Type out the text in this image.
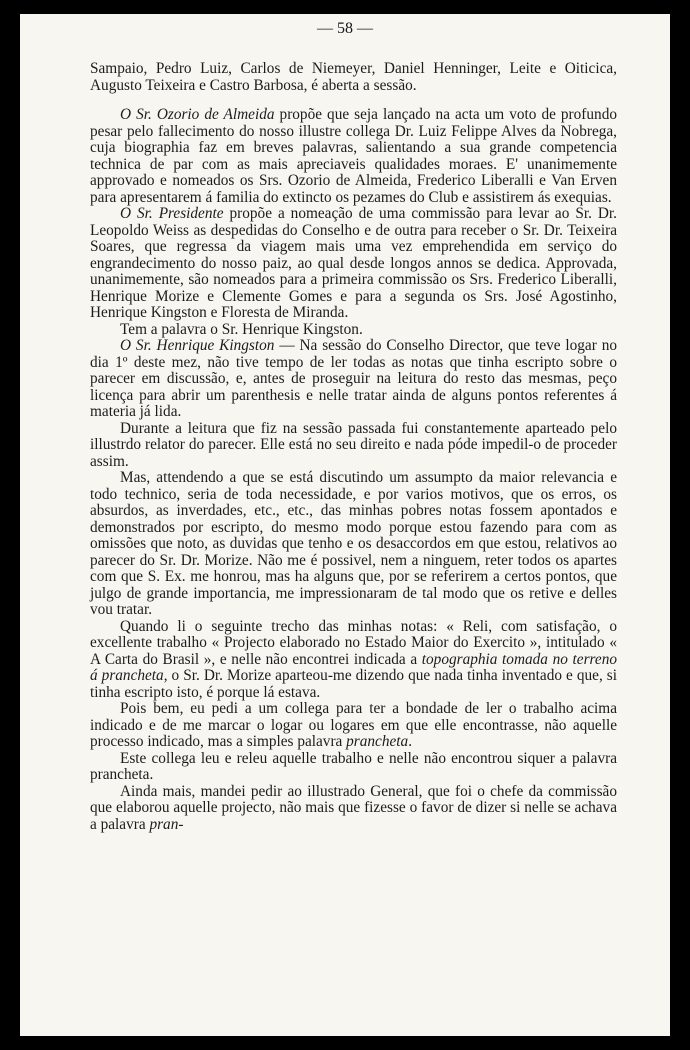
— 58 —

Sampaio, Pedro Luiz, Carlos de Niemeyer, Daniel Henninger, Leite e Oiticica, Augusto Teixeira e Castro Barbosa, é aberta a sessão.

O Sr. Ozorio de Almeida propõe que seja lançado na acta um voto de profundo pesar pelo fallecimento do nosso illustre collega Dr. Luiz Felippe Alves da Nobrega, cuja biographia faz em breves palavras, salientando a sua grande competencia technica de par com as mais apreciaveis qualidades moraes. E' unanimemente approvado e nomeados os Srs. Ozorio de Almeida, Frederico Liberalli e Van Erven para apresentarem á familia do extincto os pezames do Club e assistirem ás exequias.

O Sr. Presidente propõe a nomeação de uma commissão para levar ao Sr. Dr. Leopoldo Weiss as despedidas do Conselho e de outra para receber o Sr. Dr. Teixeira Soares, que regressa da viagem mais uma vez emprehendida em serviço do engrandecimento do nosso paiz, ao qual desde longos annos se dedica. Approvada, unanimemente, são nomeados para a primeira commissão os Srs. Frederico Liberalli, Henrique Morize e Clemente Gomes e para a segunda os Srs. José Agostinho, Henrique Kingston e Floresta de Miranda.

Tem a palavra o Sr. Henrique Kingston.

O Sr. Henrique Kingston — Na sessão do Conselho Director, que teve logar no dia 1º deste mez, não tive tempo de ler todas as notas que tinha escripto sobre o parecer em discussão, e, antes de proseguir na leitura do resto das mesmas, peço licença para abrir um parenthesis e nelle tratar ainda de alguns pontos referentes á materia já lida.

Durante a leitura que fiz na sessão passada fui constantemente aparteado pelo illustrdo relator do parecer. Elle está no seu direito e nada póde impedil-o de proceder assim.

Mas, attendendo a que se está discutindo um assumpto da maior relevancia e todo technico, seria de toda necessidade, e por varios motivos, que os erros, os absurdos, as inverdades, etc., etc., das minhas pobres notas fossem apontados e demonstrados por escripto, do mesmo modo porque estou fazendo para com as omissões que noto, as duvidas que tenho e os desaccordos em que estou, relativos ao parecer do Sr. Dr. Morize. Não me é possivel, nem a ninguem, reter todos os apartes com que S. Ex. me honrou, mas ha alguns que, por se referirem a certos pontos, que julgo de grande importancia, me impressionaram de tal modo que os retive e delles vou tratar.

Quando li o seguinte trecho das minhas notas: « Reli, com satisfação, o excellente trabalho « Projecto elaborado no Estado Maior do Exercito », intitulado « A Carta do Brasil », e nelle não encontrei indicada a topographia tomada no terreno á prancheta, o Sr. Dr. Morize aparteou-me dizendo que nada tinha inventado e que, si tinha escripto isto, é porque lá estava.

Pois bem, eu pedi a um collega para ter a bondade de ler o trabalho acima indicado e de me marcar o logar ou logares em que elle encontrasse, não aquelle processo indicado, mas a simples palavra prancheta.

Este collega leu e releu aquelle trabalho e nelle não encontrou siquer a palavra prancheta.

Ainda mais, mandei pedir ao illustrado General, que foi o chefe da commissão que elaborou aquelle projecto, não mais que fizesse o favor de dizer si nelle se achava a palavra pran-
